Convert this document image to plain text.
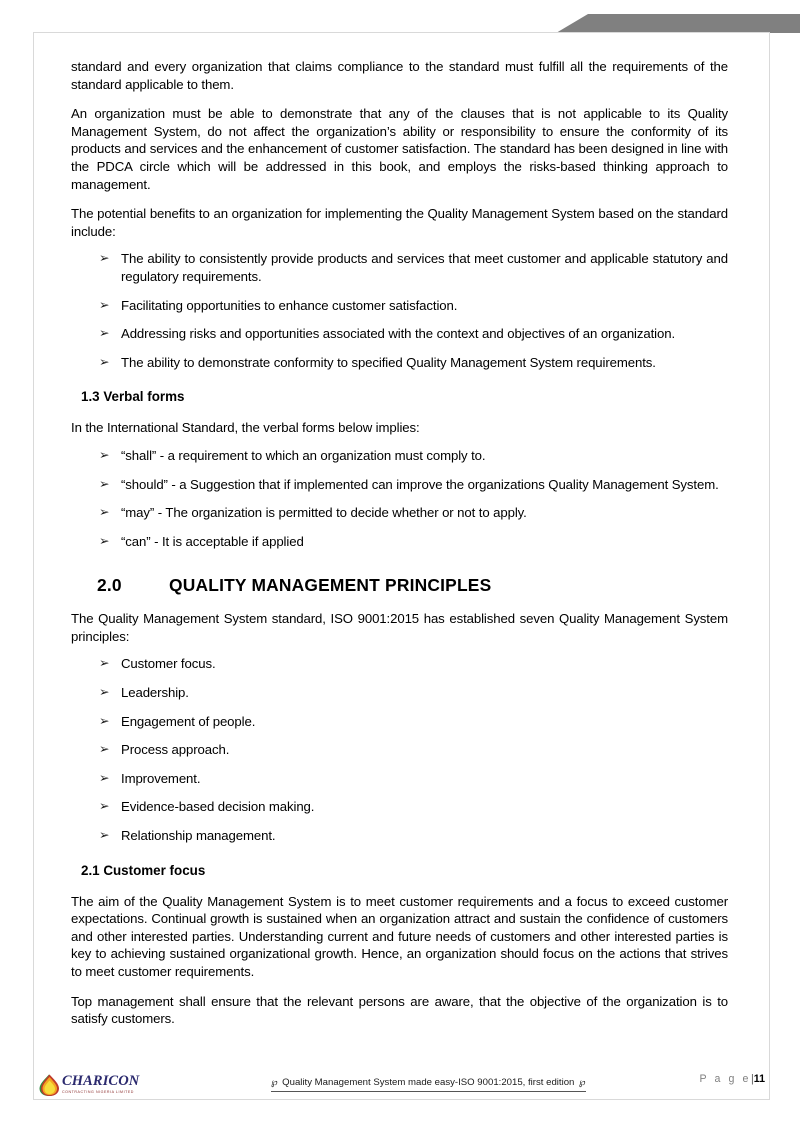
standard and every organization that claims compliance to the standard must fulfill all the requirements of the standard applicable to them.

An organization must be able to demonstrate that any of the clauses that is not applicable to its Quality Management System, do not affect the organization’s ability or responsibility to ensure the conformity of its products and services and the enhancement of customer satisfaction. The standard has been designed in line with the PDCA circle which will be addressed in this book, and employs the risks-based thinking approach to management.

The potential benefits to an organization for implementing the Quality Management System based on the standard include:

➢ The ability to consistently provide products and services that meet customer and applicable statutory and regulatory requirements.
➢ Facilitating opportunities to enhance customer satisfaction.
➢ Addressing risks and opportunities associated with the context and objectives of an organization.
➢ The ability to demonstrate conformity to specified Quality Management System requirements.
1.3 Verbal forms

In the International Standard, the verbal forms below implies:

➢ “shall” - a requirement to which an organization must comply to.
➢ “should” - a Suggestion that if implemented can improve the organizations Quality Management System.
➢ “may” - The organization is permitted to decide whether or not to apply.
➢ “can” - It is acceptable if applied
2.0	QUALITY MANAGEMENT PRINCIPLES

The Quality Management System standard, ISO 9001:2015 has established seven Quality Management System principles:

➢ Customer focus.
➢ Leadership.
➢ Engagement of people.
➢ Process approach.
➢ Improvement.
➢ Evidence-based decision making.
➢ Relationship management.
2.1 Customer focus

The aim of the Quality Management System is to meet customer requirements and a focus to exceed customer expectations. Continual growth is sustained when an organization attract and sustain the confidence of customers and other interested parties. Understanding current and future needs of customers and other interested parties is key to achieving sustained organizational growth. Hence, an organization should focus on the actions that strives to meet customer requirements.

Top management shall ensure that the relevant persons are aware, that the objective of the organization is to satisfy customers.

CHARICON
CONTRACTING NIGERIA LIMITED
℘ Quality Management System made easy-ISO 9001:2015, first edition ℘	P a g e|11
